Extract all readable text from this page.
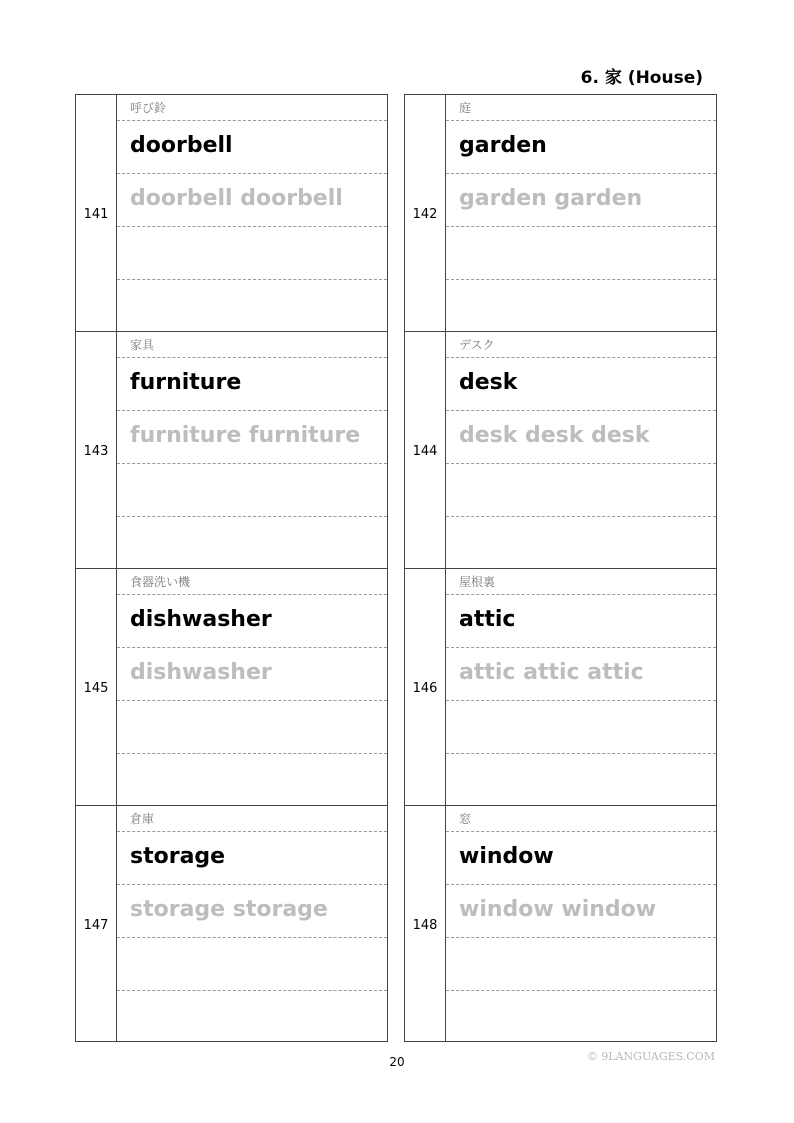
6. 家 (House)
141
呼び鈴
doorbell
doorbell doorbell
142
庭
garden
garden garden
143
家具
furniture
furniture furniture
144
デスク
desk
desk desk desk
145
食器洗い機
dishwasher
dishwasher
146
屋根裏
attic
attic attic attic
147
倉庫
storage
storage storage
148
窓
window
window window
20	© 9LANGUAGES.COM
